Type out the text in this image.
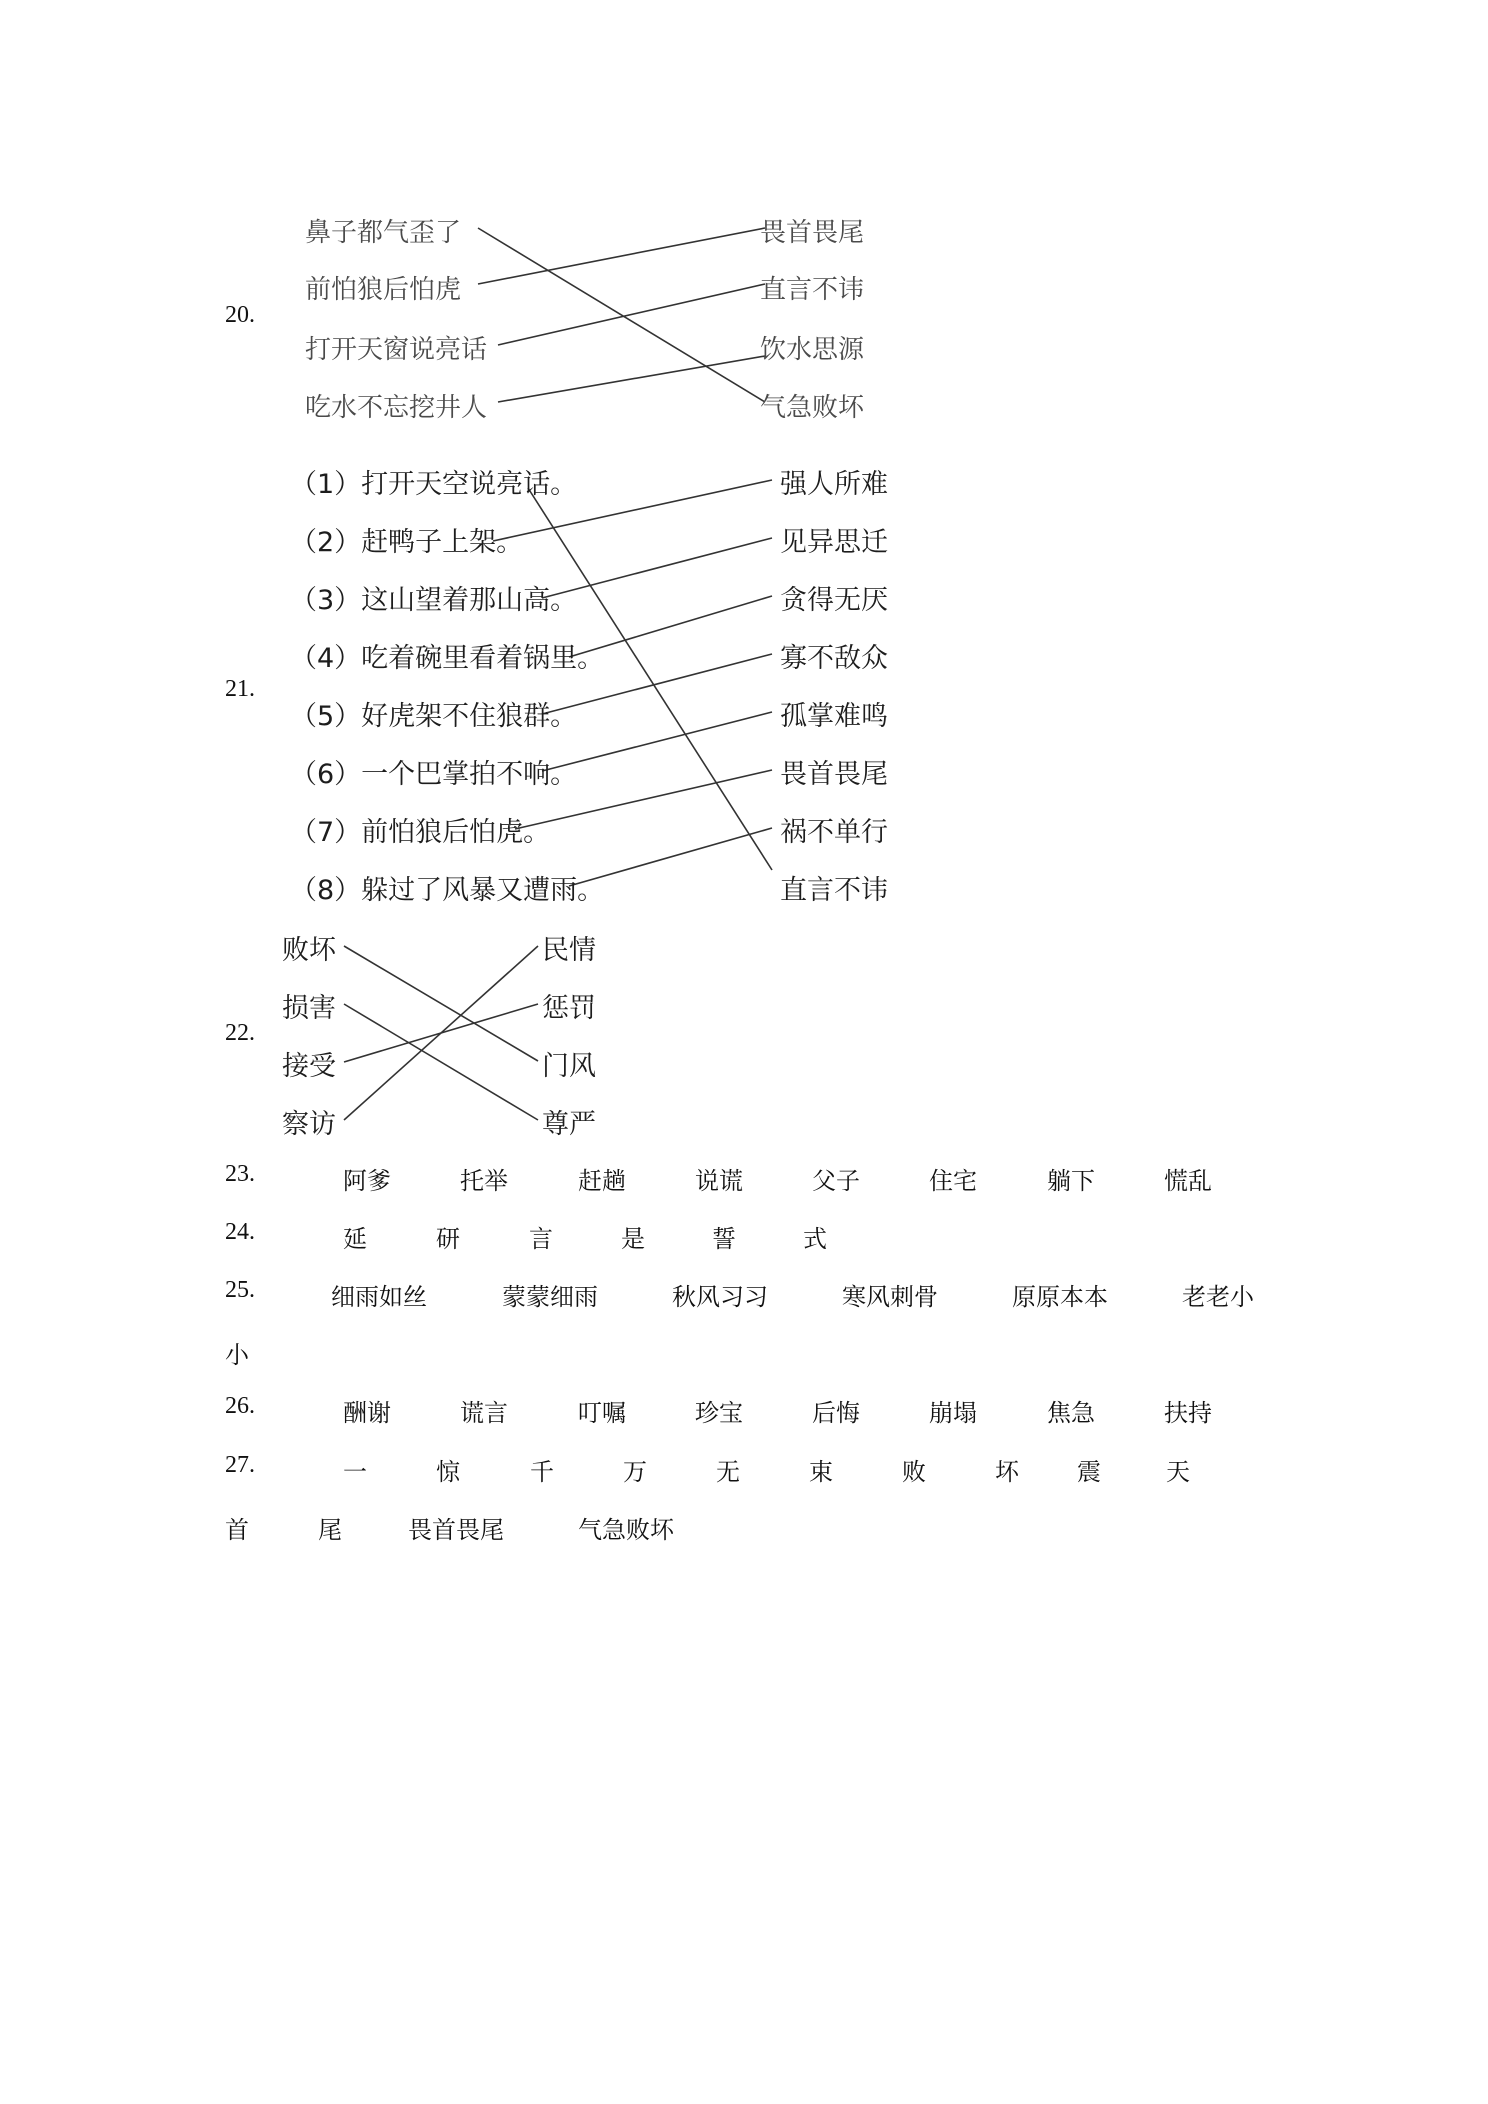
20.
鼻子都气歪了
前怕狼后怕虎
打开天窗说亮话
吃水不忘挖井人
畏首畏尾
直言不讳
饮水思源
气急败坏
21.
（1）打开天空说亮话。
（2）赶鸭子上架。
（3）这山望着那山高。
（4）吃着碗里看着锅里。
（5）好虎架不住狼群。
（6）一个巴掌拍不响。
（7）前怕狼后怕虎。
（8）躲过了风暴又遭雨。
强人所难
见异思迁
贪得无厌
寡不敌众
孤掌难鸣
畏首畏尾
祸不单行
直言不讳
22.
败坏
损害
接受
察访
民情
惩罚
门风
尊严
23.	阿爹	托举	赶趟	说谎	父子	住宅	躺下	慌乱
24.	延	研	言	是	誓	式
25.	细雨如丝	蒙蒙细雨	秋风习习	寒风刺骨	原原本本	老老小
小
26.	酬谢	谎言	叮嘱	珍宝	后悔	崩塌	焦急	扶持
27.	一	惊	千	万	无	束	败	坏 震	天
首	尾	畏首畏尾	气急败坏
